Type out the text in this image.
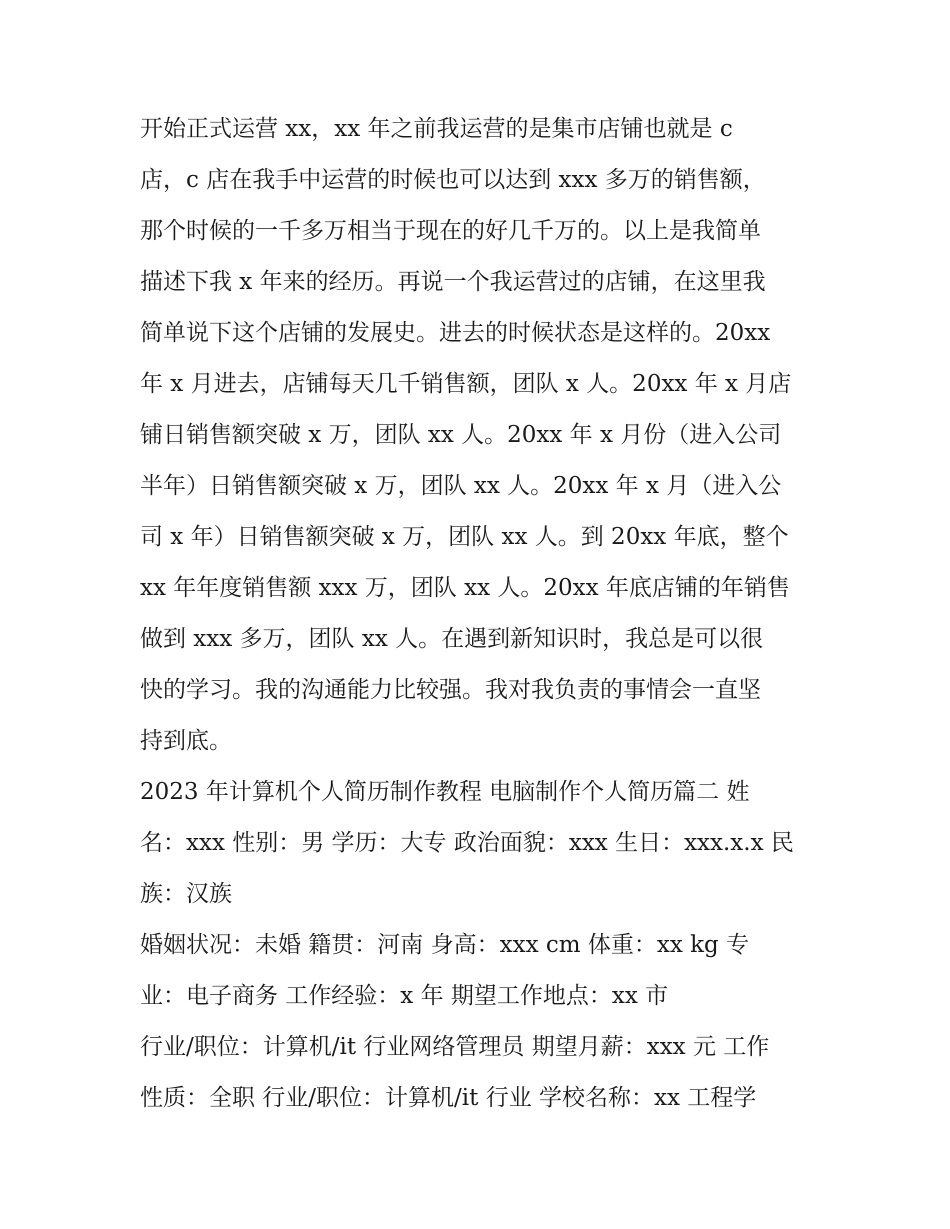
开始正式运营 xx，xx 年之前我运营的是集市店铺也就是 c
店，c 店在我手中运营的时候也可以达到 xxx 多万的销售额，
那个时候的一千多万相当于现在的好几千万的。以上是我简单
描述下我 x 年来的经历。再说一个我运营过的店铺，在这里我
简单说下这个店铺的发展史。进去的时候状态是这样的。20xx
年 x 月进去，店铺每天几千销售额，团队 x 人。20xx 年 x 月店
铺日销售额突破 x 万，团队 xx 人。20xx 年 x 月份（进入公司
半年）日销售额突破 x 万，团队 xx 人。20xx 年 x 月（进入公
司 x 年）日销售额突破 x 万，团队 xx 人。到 20xx 年底，整个
xx 年年度销售额 xxx 万，团队 xx 人。20xx 年底店铺的年销售
做到 xxx 多万，团队 xx 人。在遇到新知识时，我总是可以很
快的学习。我的沟通能力比较强。我对我负责的事情会一直坚
持到底。
2023 年计算机个人简历制作教程 电脑制作个人简历篇二 姓
名：xxx 性别：男 学历：大专 政治面貌：xxx 生日：xxx.x.x 民
族：汉族
婚姻状况：未婚 籍贯：河南 身高：xxx cm 体重：xx kg 专
业：电子商务 工作经验：x 年 期望工作地点：xx 市
行业/职位：计算机/it 行业网络管理员 期望月薪：xxx 元 工作
性质：全职 行业/职位：计算机/it 行业 学校名称：xx 工程学
